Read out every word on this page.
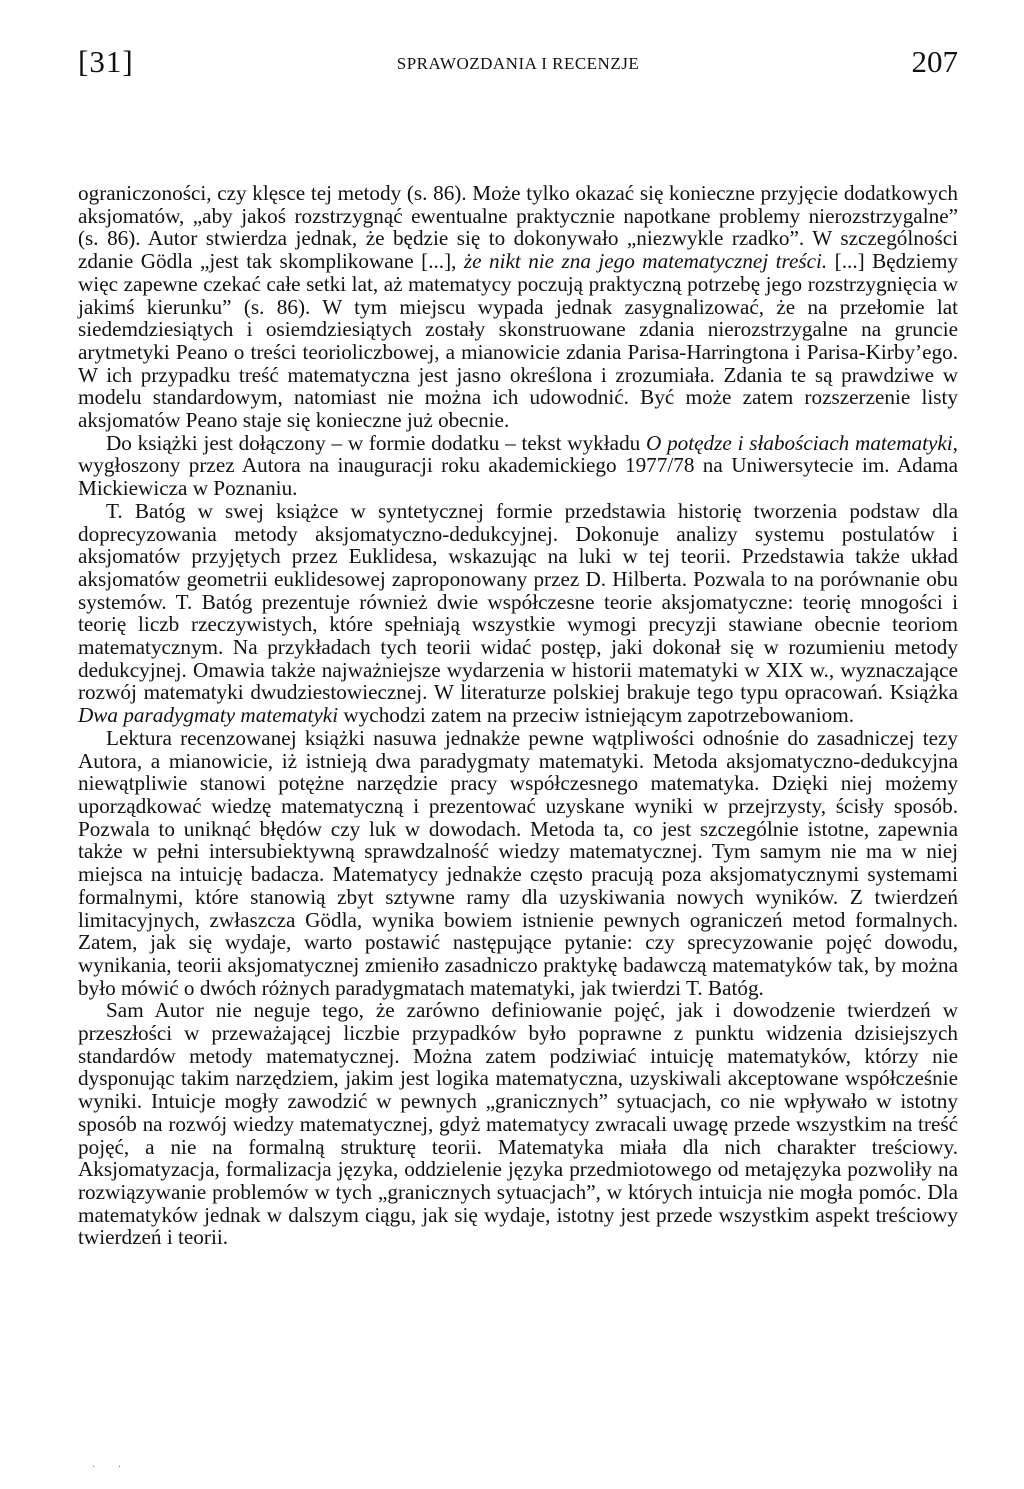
[31]	SPRAWOZDANIA I RECENZJE	207

ograniczoności, czy klęsce tej metody (s. 86). Może tylko okazać się konieczne przyjęcie dodatkowych aksjomatów, „aby jakoś rozstrzygnąć ewentualne praktycznie napotkane problemy nierozstrzygalne” (s. 86). Autor stwierdza jednak, że będzie się to dokonywało „niezwykle rzadko”. W szczególności zdanie Gödla „jest tak skomplikowane [...], że nikt nie zna jego matematycznej treści. [...] Będziemy więc zapewne czekać całe setki lat, aż matematycy poczują praktyczną potrzebę jego rozstrzygnięcia w jakimś kierunku” (s. 86). W tym miejscu wypada jednak zasygnalizować, że na przełomie lat siedemdziesiątych i osiemdziesiątych zostały skonstruowane zdania nierozstrzygalne na gruncie arytmetyki Peano o treści teorioliczbowej, a mianowicie zdania Parisa-Harringtona i Parisa-Kirby’ego. W ich przypadku treść matematyczna jest jasno określona i zrozumiała. Zdania te są prawdziwe w modelu standardowym, natomiast nie można ich udowodnić. Być może zatem rozszerzenie listy aksjomatów Peano staje się konieczne już obecnie.

Do książki jest dołączony – w formie dodatku – tekst wykładu O potędze i słabościach matematyki, wygłoszony przez Autora na inauguracji roku akademickiego 1977/78 na Uniwersytecie im. Adama Mickiewicza w Poznaniu.

T. Batóg w swej książce w syntetycznej formie przedstawia historię tworzenia podstaw dla doprecyzowania metody aksjomatyczno-dedukcyjnej. Dokonuje analizy systemu postulatów i aksjomatów przyjętych przez Euklidesa, wskazując na luki w tej teorii. Przedstawia także układ aksjomatów geometrii euklidesowej zaproponowany przez D. Hilberta. Pozwala to na porównanie obu systemów. T. Batóg prezentuje również dwie współczesne teorie aksjomatyczne: teorię mnogości i teorię liczb rzeczywistych, które spełniają wszystkie wymogi precyzji stawiane obecnie teoriom matematycznym. Na przykładach tych teorii widać postęp, jaki dokonał się w rozumieniu metody dedukcyjnej. Omawia także najważniejsze wydarzenia w historii matematyki w XIX w., wyznaczające rozwój matematyki dwudziestowiecznej. W literaturze polskiej brakuje tego typu opracowań. Książka Dwa paradygmaty matematyki wychodzi zatem na przeciw istniejącym zapotrzebowaniom.

Lektura recenzowanej książki nasuwa jednakże pewne wątpliwości odnośnie do zasadniczej tezy Autora, a mianowicie, iż istnieją dwa paradygmaty matematyki. Metoda aksjomatyczno-dedukcyjna niewątpliwie stanowi potężne narzędzie pracy współczesnego matematyka. Dzięki niej możemy uporządkować wiedzę matematyczną i prezentować uzyskane wyniki w przejrzysty, ścisły sposób. Pozwala to uniknąć błędów czy luk w dowodach. Metoda ta, co jest szczególnie istotne, zapewnia także w pełni intersubiektywną sprawdzalność wiedzy matematycznej. Tym samym nie ma w niej miejsca na intuicję badacza. Matematycy jednakże często pracują poza aksjomatycznymi systemami formalnymi, które stanowią zbyt sztywne ramy dla uzyskiwania nowych wyników. Z twierdzeń limitacyjnych, zwłaszcza Gödla, wynika bowiem istnienie pewnych ograniczeń metod formalnych. Zatem, jak się wydaje, warto postawić następujące pytanie: czy sprecyzowanie pojęć dowodu, wynikania, teorii aksjomatycznej zmieniło zasadniczo praktykę badawczą matematyków tak, by można było mówić o dwóch różnych paradygmatach matematyki, jak twierdzi T. Batóg.

Sam Autor nie neguje tego, że zarówno definiowanie pojęć, jak i dowodzenie twierdzeń w przeszłości w przeważającej liczbie przypadków było poprawne z punktu widzenia dzisiejszych standardów metody matematycznej. Można zatem podziwiać intuicję matematyków, którzy nie dysponując takim narzędziem, jakim jest logika matematyczna, uzyskiwali akceptowane współcześnie wyniki. Intuicje mogły zawodzić w pewnych „granicznych” sytuacjach, co nie wpływało w istotny sposób na rozwój wiedzy matematycznej, gdyż matematycy zwracali uwagę przede wszystkim na treść pojęć, a nie na formalną strukturę teorii. Matematyka miała dla nich charakter treściowy. Aksjomatyzacja, formalizacja języka, oddzielenie języka przedmiotowego od metajęzyka pozwoliły na rozwiązywanie problemów w tych „granicznych sytuacjach”, w których intuicja nie mogła pomóc. Dla matematyków jednak w dalszym ciągu, jak się wydaje, istotny jest przede wszystkim aspekt treściowy twierdzeń i teorii.

· ·
